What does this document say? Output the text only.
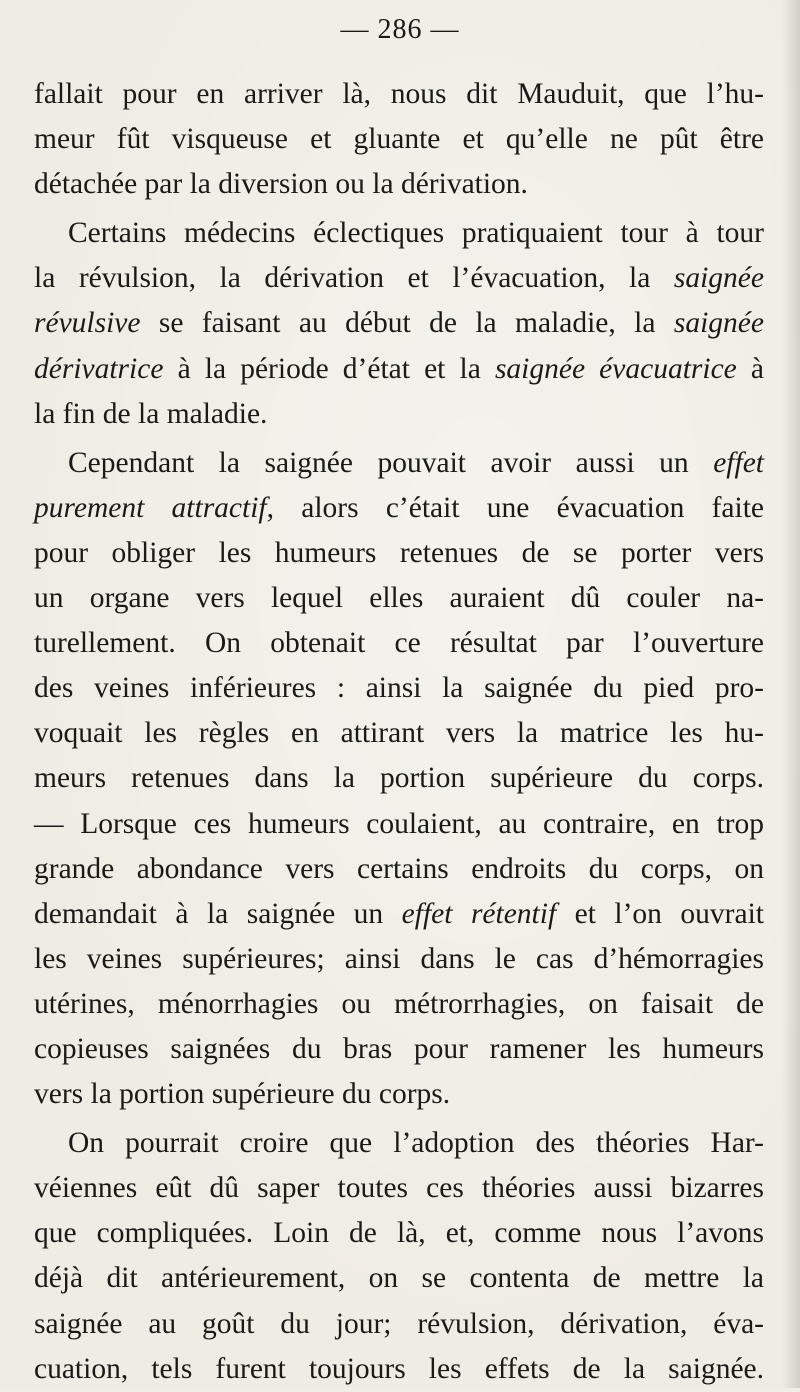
— 286 —

fallait pour en arriver là, nous dit Mauduit, que l’hu-
meur fût visqueuse et gluante et qu’elle ne pût être
détachée par la diversion ou la dérivation.

Certains médecins éclectiques pratiquaient tour à tour
la révulsion, la dérivation et l’évacuation, la saignée
révulsive se faisant au début de la maladie, la saignée
dérivatrice à la période d’état et la saignée évacuatrice à
la fin de la maladie.

Cependant la saignée pouvait avoir aussi un effet
purement attractif, alors c’était une évacuation faite
pour obliger les humeurs retenues de se porter vers
un organe vers lequel elles auraient dû couler na-
turellement. On obtenait ce résultat par l’ouverture
des veines inférieures : ainsi la saignée du pied pro-
voquait les règles en attirant vers la matrice les hu-
meurs retenues dans la portion supérieure du corps.
— Lorsque ces humeurs coulaient, au contraire, en trop
grande abondance vers certains endroits du corps, on
demandait à la saignée un effet rétentif et l’on ouvrait
les veines supérieures; ainsi dans le cas d’hémorragies
utérines, ménorrhagies ou métrorrhagies, on faisait de
copieuses saignées du bras pour ramener les humeurs
vers la portion supérieure du corps.

On pourrait croire que l’adoption des théories Har-
véiennes eût dû saper toutes ces théories aussi bizarres
que compliquées. Loin de là, et, comme nous l’avons
déjà dit antérieurement, on se contenta de mettre la
saignée au goût du jour; révulsion, dérivation, éva-
cuation, tels furent toujours les effets de la saignée.
